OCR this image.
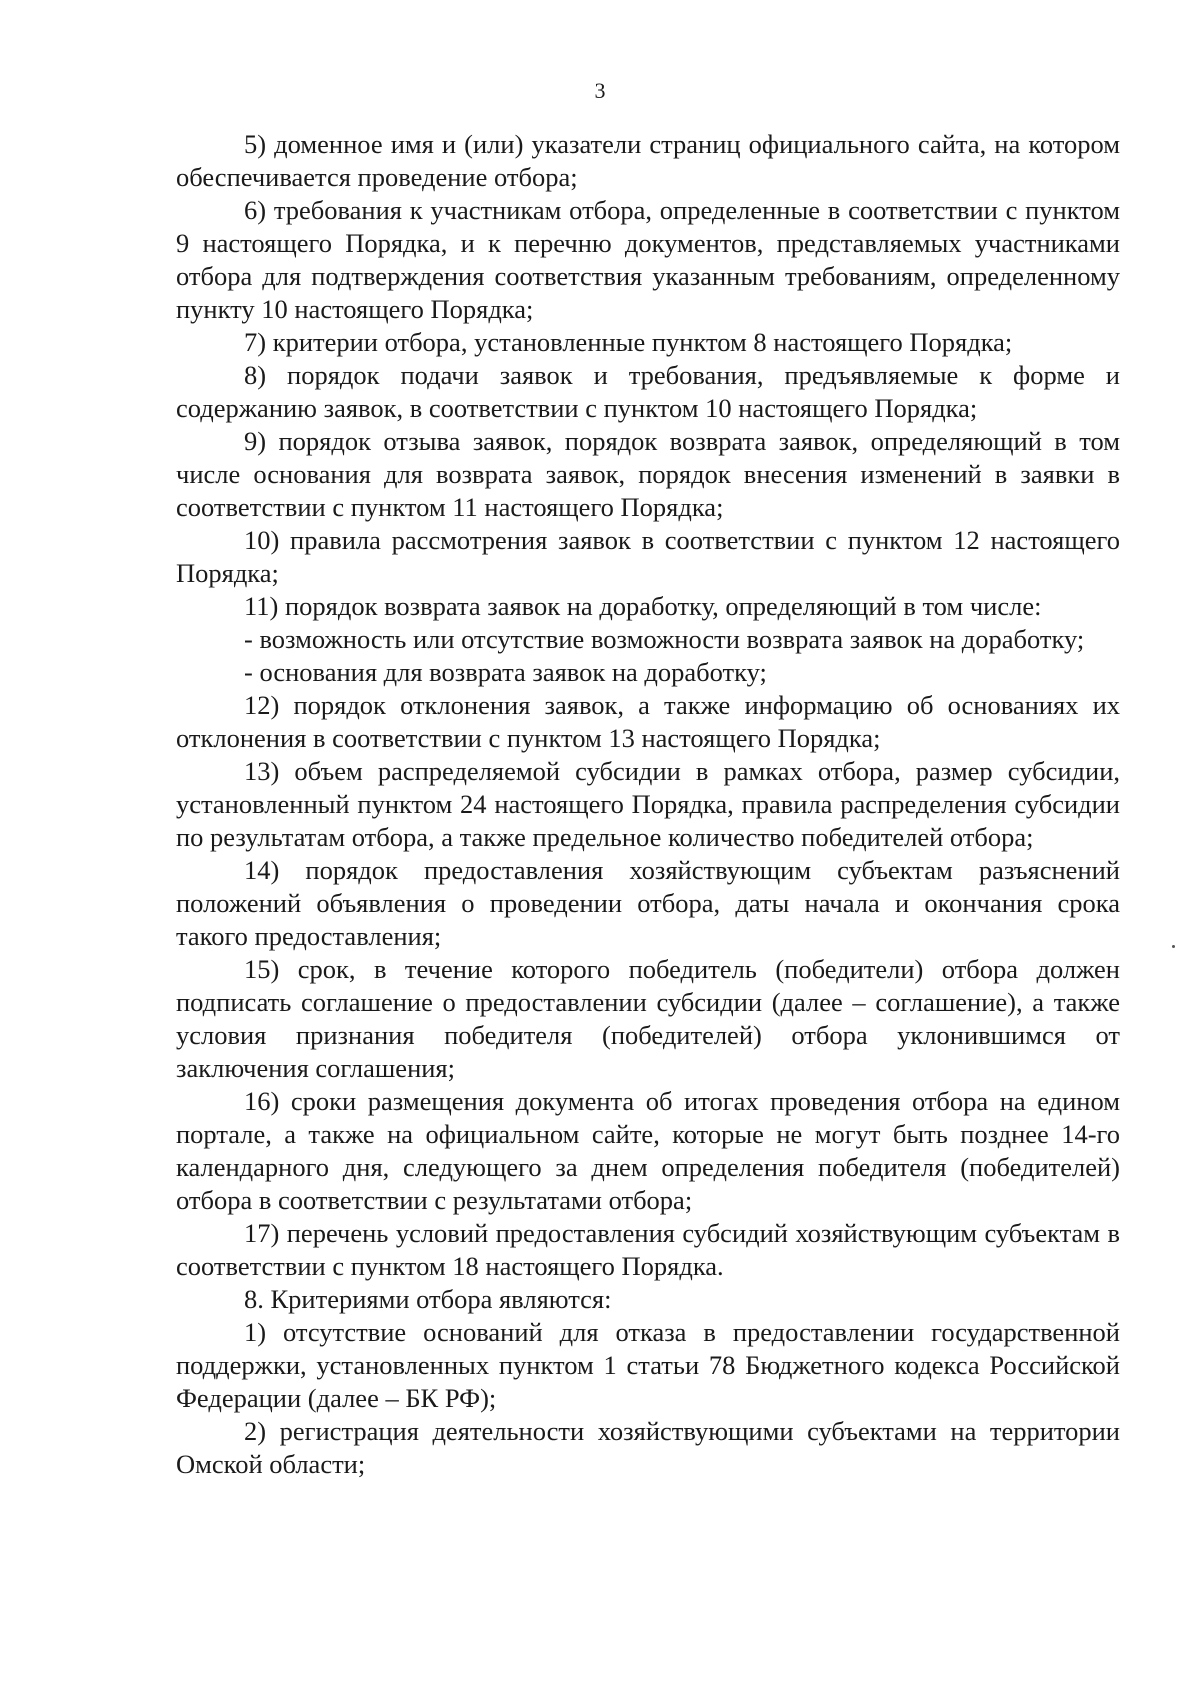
3

5) доменное имя и (или) указатели страниц официального сайта, на котором обеспечивается проведение отбора;

6) требования к участникам отбора, определенные в соответствии с пунктом 9 настоящего Порядка, и к перечню документов, представляемых участниками отбора для подтверждения соответствия указанным требованиям, определенному пункту 10 настоящего Порядка;

7) критерии отбора, установленные пунктом 8 настоящего Порядка;

8) порядок подачи заявок и требования, предъявляемые к форме и содержанию заявок, в соответствии с пунктом 10 настоящего Порядка;

9) порядок отзыва заявок, порядок возврата заявок, определяющий в том числе основания для возврата заявок, порядок внесения изменений в заявки в соответствии с пунктом 11 настоящего Порядка;

10) правила рассмотрения заявок в соответствии с пунктом 12 настоящего Порядка;

11) порядок возврата заявок на доработку, определяющий в том числе:

- возможность или отсутствие возможности возврата заявок на доработку;

- основания для возврата заявок на доработку;

12) порядок отклонения заявок, а также информацию об основаниях их отклонения в соответствии с пунктом 13 настоящего Порядка;

13) объем распределяемой субсидии в рамках отбора, размер субсидии, установленный пунктом 24 настоящего Порядка, правила распределения субсидии по результатам отбора, а также предельное количество победителей отбора;

14) порядок предоставления хозяйствующим субъектам разъяснений положений объявления о проведении отбора, даты начала и окончания срока такого предоставления;

15) срок, в течение которого победитель (победители) отбора должен подписать соглашение о предоставлении субсидии (далее – соглашение), а также условия признания победителя (победителей) отбора уклонившимся от заключения соглашения;

16) сроки размещения документа об итогах проведения отбора на едином портале, а также на официальном сайте, которые не могут быть позднее 14-го календарного дня, следующего за днем определения победителя (победителей) отбора в соответствии с результатами отбора;

17) перечень условий предоставления субсидий хозяйствующим субъектам в соответствии с пунктом 18 настоящего Порядка.

8. Критериями отбора являются:

1) отсутствие оснований для отказа в предоставлении государственной поддержки, установленных пунктом 1 статьи 78 Бюджетного кодекса Российской Федерации (далее – БК РФ);

2) регистрация деятельности хозяйствующими субъектами на территории Омской области;
